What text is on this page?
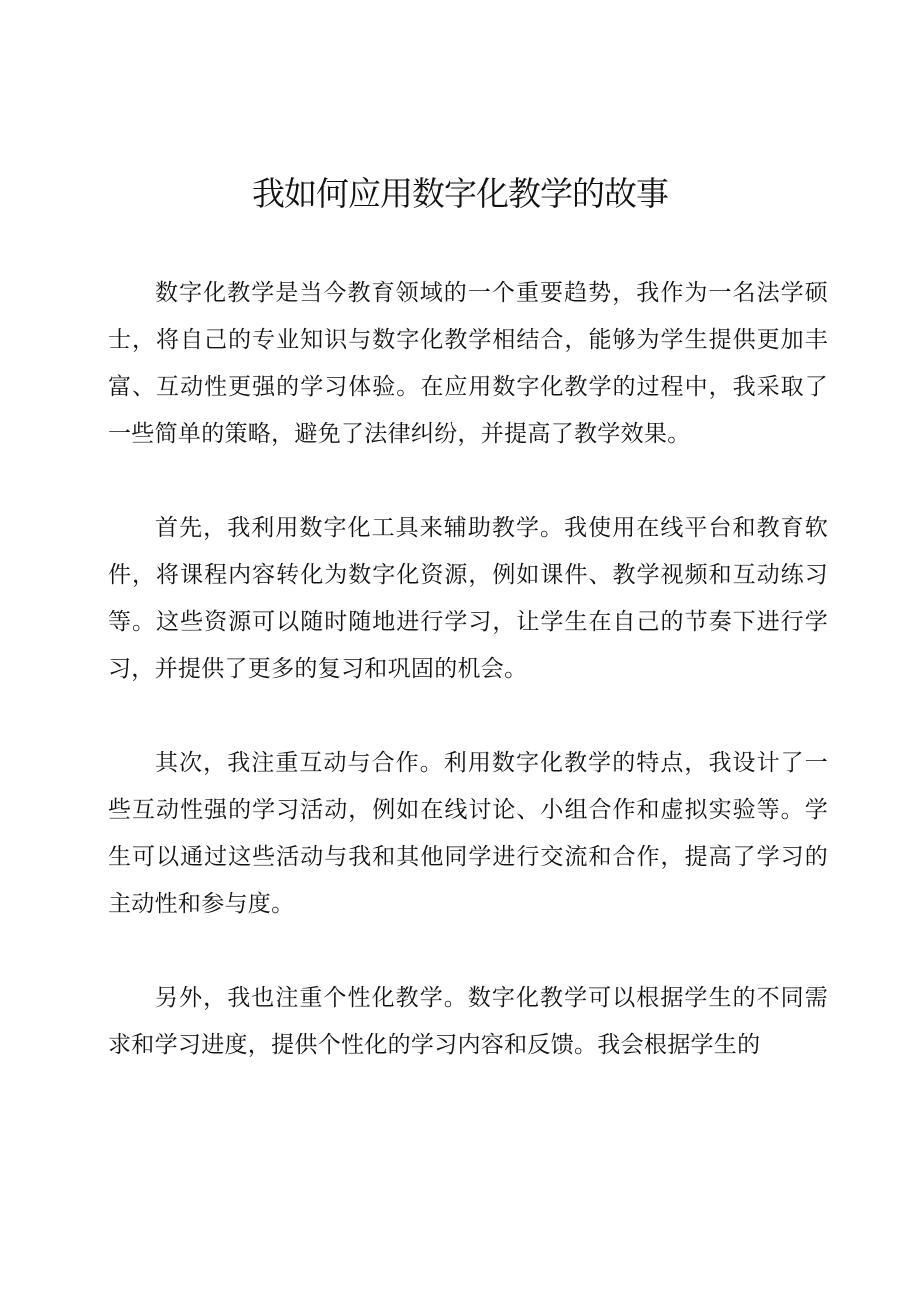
我如何应用数字化教学的故事

数字化教学是当今教育领域的一个重要趋势，我作为一名法学硕士，将自己的专业知识与数字化教学相结合，能够为学生提供更加丰富、互动性更强的学习体验。在应用数字化教学的过程中，我采取了一些简单的策略，避免了法律纠纷，并提高了教学效果。

首先，我利用数字化工具来辅助教学。我使用在线平台和教育软件，将课程内容转化为数字化资源，例如课件、教学视频和互动练习等。这些资源可以随时随地进行学习，让学生在自己的节奏下进行学习，并提供了更多的复习和巩固的机会。

其次，我注重互动与合作。利用数字化教学的特点，我设计了一些互动性强的学习活动，例如在线讨论、小组合作和虚拟实验等。学生可以通过这些活动与我和其他同学进行交流和合作，提高了学习的主动性和参与度。

另外，我也注重个性化教学。数字化教学可以根据学生的不同需求和学习进度，提供个性化的学习内容和反馈。我会根据学生的
